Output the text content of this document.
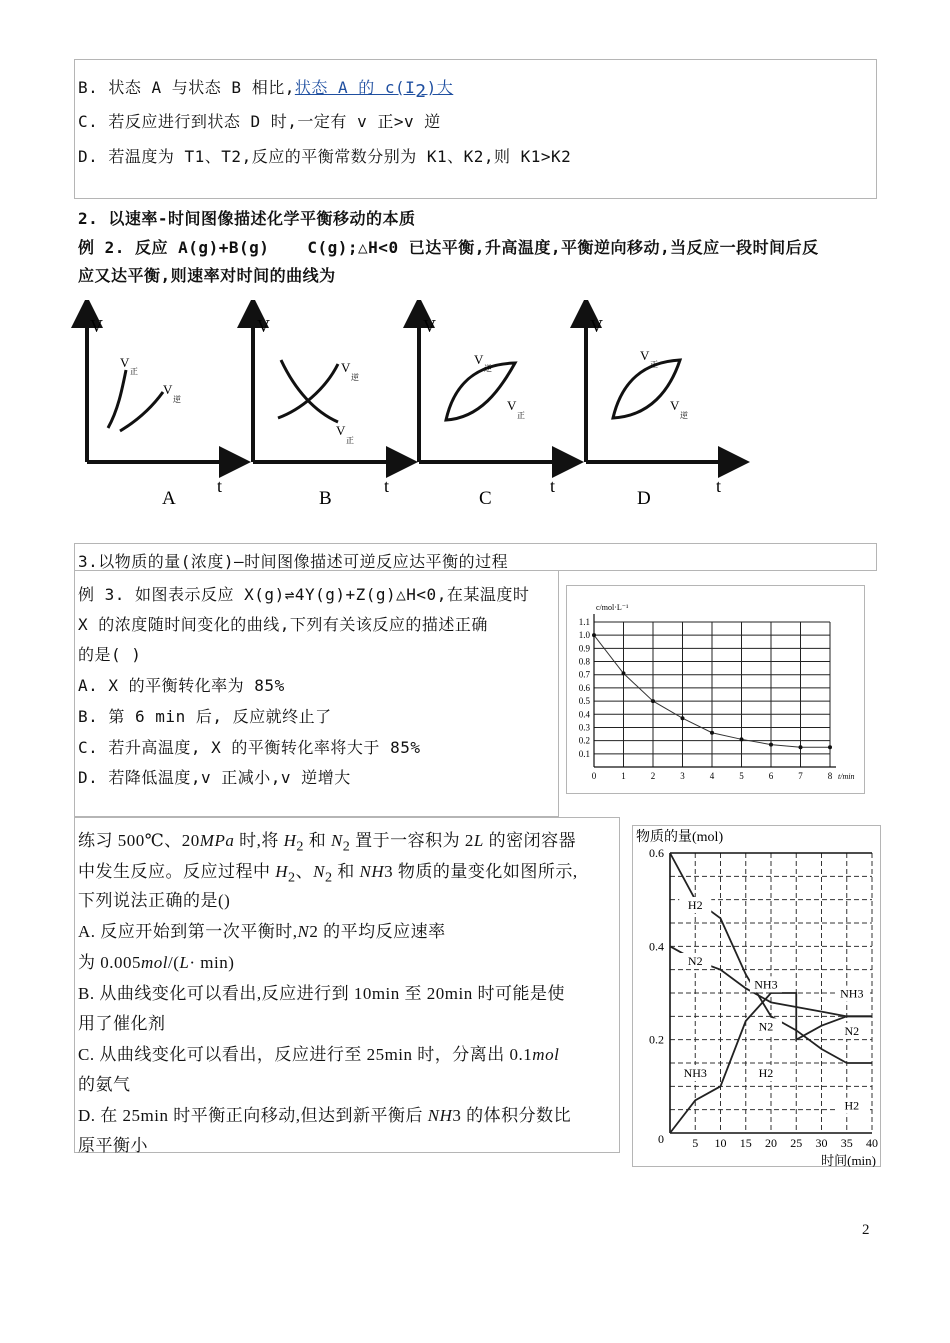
B. 状态 A 与状态 B 相比,状态 A 的 $c(I_2)$大
C. 若反应进行到状态 D 时,一定有 v 正>v 逆
D. 若温度为 T1、T2,反应的平衡常数分别为 K1、K2,则 K1>K2
2. 以速率-时间图像描述化学平衡移动的本质
例 2. 反应 A(g)+B(g) C(g);△H<0 已达平衡,升高温度,平衡逆向移动,当反应一段时间后反
应又达平衡,则速率对时间的曲线为
V
t
V
正
V
逆
A
V
t
V
逆
V
正
B
V
t
V
逆
V
正
C
V
t
V
正
V
逆
D
3.以物质的量(浓度)—时间图像描述可逆反应达平衡的过程
例 3. 如图表示反应 X(g)⇌4Y(g)+Z(g)△H<0,在某温度时
X 的浓度随时间变化的曲线,下列有关该反应的描述正确
的是( )
A. X 的平衡转化率为 85%
B. 第 6 min 后, 反应就终止了
C. 若升高温度, X 的平衡转化率将大于 85%
D. 若降低温度,v 正减小,v 逆增大
1.1
1.0
0.9
0.8
0.7
0.6
0.5
0.4
0.3
0.2
0.1
0	1	2	3	4	5	6	7	8 t/min
c/mol·L⁻¹
练习 500℃、20MPa 时,将 $H_2$ 和 $N_2$ 置于一容积为 2L 的密闭容器
中发生反应。反应过程中 $H_2$、$N_2$ 和 NH3 物质的量变化如图所示,
下列说法正确的是()
A. 反应开始到第一次平衡时,N2 的平均反应速率
为 0.005mol/(L· min)
B. 从曲线变化可以看出,反应进行到 10min 至 20min 时可能是使
用了催化剂
C. 从曲线变化可以看出，反应进行至 25min 时，分离出 0.1mol
的氨气
D. 在 25min 时平衡正向移动,但达到新平衡后 NH3 的体积分数比
原平衡小
物质的量(mol)
时间(min)
0.6
0.4
0.2
0 5 10 15 20 25 30 35 40
H2
N2
NH3
N2
NH3
N2
NH3	H2
H2
2
